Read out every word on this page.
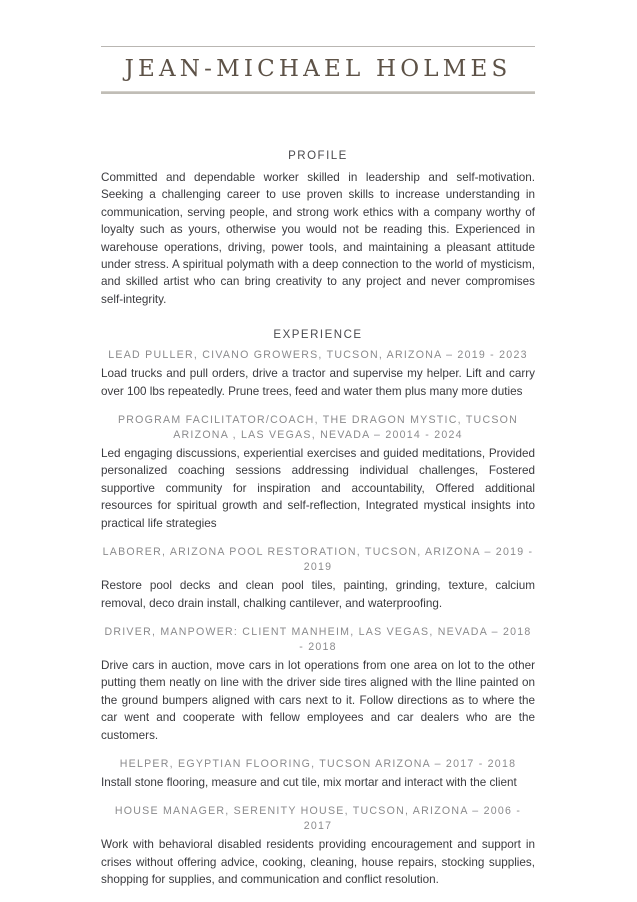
JEAN-MICHAEL HOLMES
PROFILE

Committed and dependable worker skilled in leadership and self-motivation. Seeking a challenging career to use proven skills to increase understanding in communication, serving people, and strong work ethics with a company worthy of loyalty such as yours, otherwise you would not be reading this. Experienced in warehouse operations, driving, power tools, and maintaining a pleasant attitude under stress. A spiritual polymath with a deep connection to the world of mysticism, and skilled artist who can bring creativity to any project and never compromises self-integrity.

EXPERIENCE
LEAD PULLER, CIVANO GROWERS, TUCSON, ARIZONA – 2019 - 2023

Load trucks and pull orders, drive a tractor and supervise my helper. Lift and carry over 100 lbs repeatedly. Prune trees, feed and water them plus many more duties

PROGRAM FACILITATOR/COACH, THE DRAGON MYSTIC, TUCSON ARIZONA , LAS VEGAS, NEVADA – 20014 - 2024

Led engaging discussions, experiential exercises and guided meditations, Provided personalized coaching sessions addressing individual challenges, Fostered supportive community for inspiration and accountability, Offered additional resources for spiritual growth and self-reflection, Integrated mystical insights into practical life strategies

LABORER, ARIZONA POOL RESTORATION, TUCSON, ARIZONA – 2019 - 2019

Restore pool decks and clean pool tiles, painting, grinding, texture, calcium removal, deco drain install, chalking cantilever, and waterproofing.

DRIVER, MANPOWER: CLIENT MANHEIM, LAS VEGAS, NEVADA – 2018 - 2018

Drive cars in auction, move cars in lot operations from one area on lot to the other putting them neatly on line with the driver side tires aligned with the lline painted on the ground bumpers aligned with cars next to it. Follow directions as to where the car went and cooperate with fellow employees and car dealers who are the customers.

HELPER, EGYPTIAN FLOORING, TUCSON ARIZONA – 2017 - 2018

Install stone flooring, measure and cut tile, mix mortar and interact with the client

HOUSE MANAGER, SERENITY HOUSE, TUCSON, ARIZONA – 2006 - 2017

Work with behavioral disabled residents providing encouragement and support in crises without offering advice, cooking, cleaning, house repairs, stocking supplies, shopping for supplies, and communication and conflict resolution.
